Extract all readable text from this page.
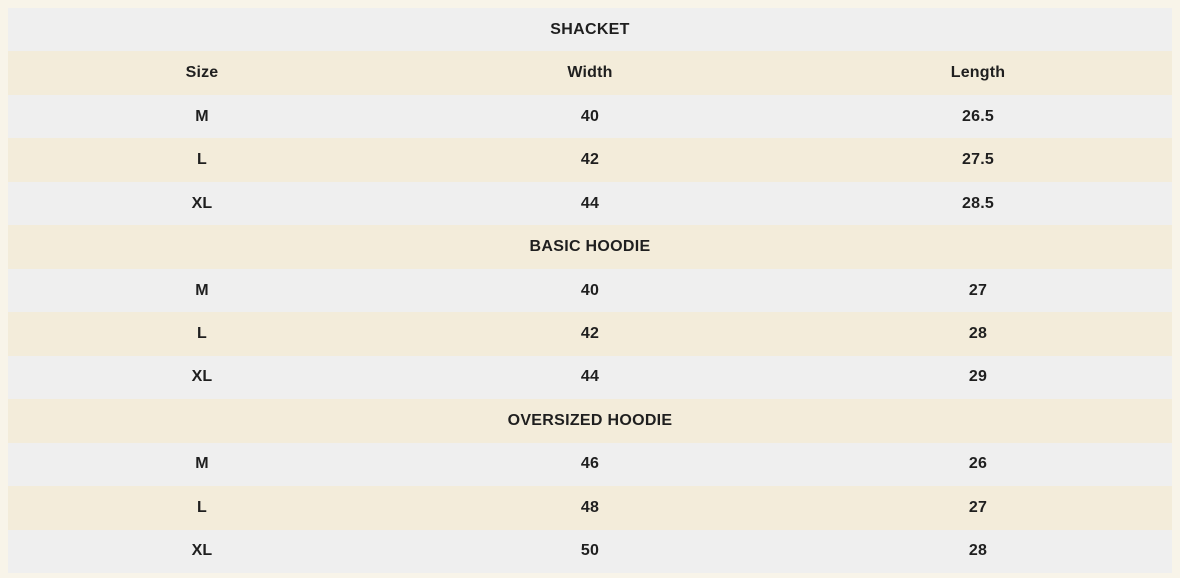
SHACKET
Size	Width	Length
M	40	26.5
L	42	27.5
XL	44	28.5
BASIC HOODIE
M	40	27
L	42	28
XL	44	29
OVERSIZED HOODIE
M	46	26
L	48	27
XL	50	28
